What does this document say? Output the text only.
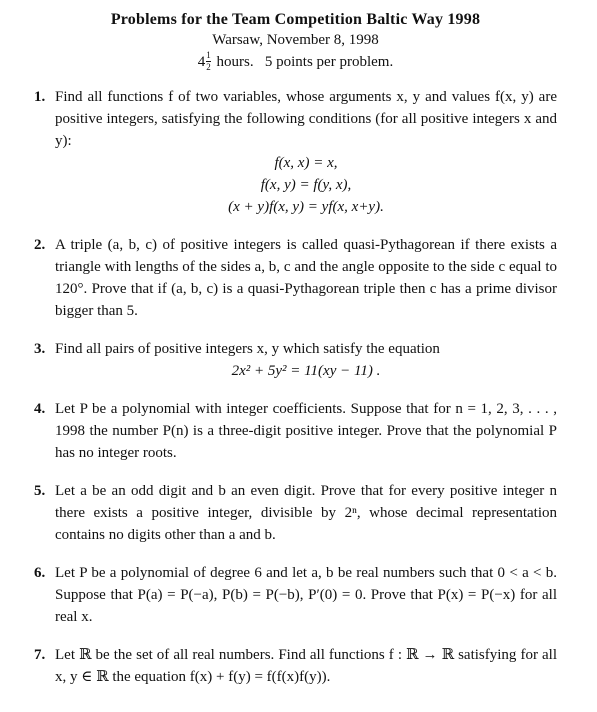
Problems for the Team Competition Baltic Way 1998
Warsaw, November 8, 1998
$4 \frac{1}{2}$ hours.   5 points per problem.
1. Find all functions f of two variables, whose arguments x, y and values f(x, y) are positive integers, satisfying the following conditions (for all positive integers x and y):
f(x, x) = x,
f(x, y) = f(y, x),
(x + y)f(x, y) = yf(x, x+y).
2. A triple (a, b, c) of positive integers is called quasi-Pythagorean if there exists a triangle with lengths of the sides a, b, c and the angle opposite to the side c equal to 120°. Prove that if (a, b, c) is a quasi-Pythagorean triple then c has a prime divisor bigger than 5.
3. Find all pairs of positive integers x, y which satisfy the equation
2x² + 5y² = 11(xy − 11) .
4. Let P be a polynomial with integer coefficients. Suppose that for n = 1, 2, 3, . . . , 1998 the number P(n) is a three-digit positive integer. Prove that the polynomial P has no integer roots.
5. Let a be an odd digit and b an even digit. Prove that for every positive integer n there exists a positive integer, divisible by 2ⁿ, whose decimal representation contains no digits other than a and b.
6. Let P be a polynomial of degree 6 and let a, b be real numbers such that 0 < a < b. Suppose that P(a) = P(−a), P(b) = P(−b), P′(0) = 0. Prove that P(x) = P(−x) for all real x.
7. Let ℝ be the set of all real numbers. Find all functions f : ℝ → ℝ satisfying for all x, y ∈ ℝ the equation f(x) + f(y) = f(f(x)f(y)).
